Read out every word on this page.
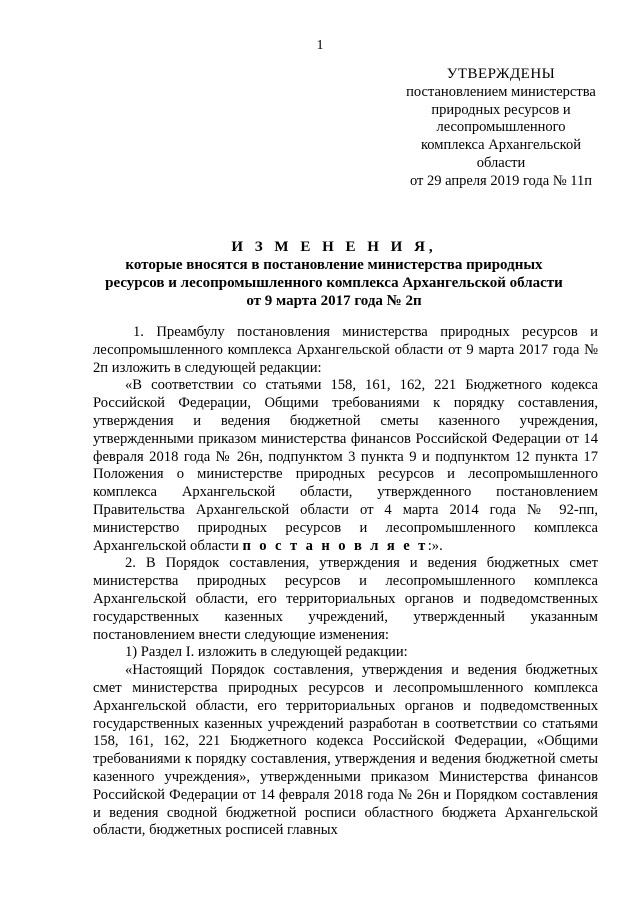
1
УТВЕРЖДЕНЫ
постановлением министерства
природных ресурсов и
лесопромышленного
комплекса Архангельской
области
от 29 апреля 2019 года № 11п
И З М Е Н Е Н И Я,
которые вносятся в постановление министерства природных
ресурсов и лесопромышленного комплекса Архангельской области
от 9 марта 2017 года № 2п

1. Преамбулу постановления министерства природных ресурсов и лесопромышленного комплекса Архангельской области от 9 марта 2017 года № 2п изложить в следующей редакции:

«В соответствии со статьями 158, 161, 162, 221 Бюджетного кодекса Российской Федерации, Общими требованиями к порядку составления, утверждения и ведения бюджетной сметы казенного учреждения, утвержденными приказом министерства финансов Российской Федерации от 14 февраля 2018 года № 26н, подпунктом 3 пункта 9 и подпунктом 12 пункта 17 Положения о министерстве природных ресурсов и лесопромышленного комплекса Архангельской области, утвержденного постановлением Правительства Архангельской области от 4 марта 2014 года № 92-пп, министерство природных ресурсов и лесопромышленного комплекса Архангельской области п о с т а н о в л я е т:».

2. В Порядок составления, утверждения и ведения бюджетных смет министерства природных ресурсов и лесопромышленного комплекса Архангельской области, его территориальных органов и подведомственных государственных казенных учреждений, утвержденный указанным постановлением внести следующие изменения:

1) Раздел I. изложить в следующей редакции:

«Настоящий Порядок составления, утверждения и ведения бюджетных смет министерства природных ресурсов и лесопромышленного комплекса Архангельской области, его территориальных органов и подведомственных государственных казенных учреждений разработан в соответствии со статьями 158, 161, 162, 221 Бюджетного кодекса Российской Федерации, «Общими требованиями к порядку составления, утверждения и ведения бюджетной сметы казенного учреждения», утвержденными приказом Министерства финансов Российской Федерации от 14 февраля 2018 года № 26н и Порядком составления и ведения сводной бюджетной росписи областного бюджета Архангельской области, бюджетных росписей главных
